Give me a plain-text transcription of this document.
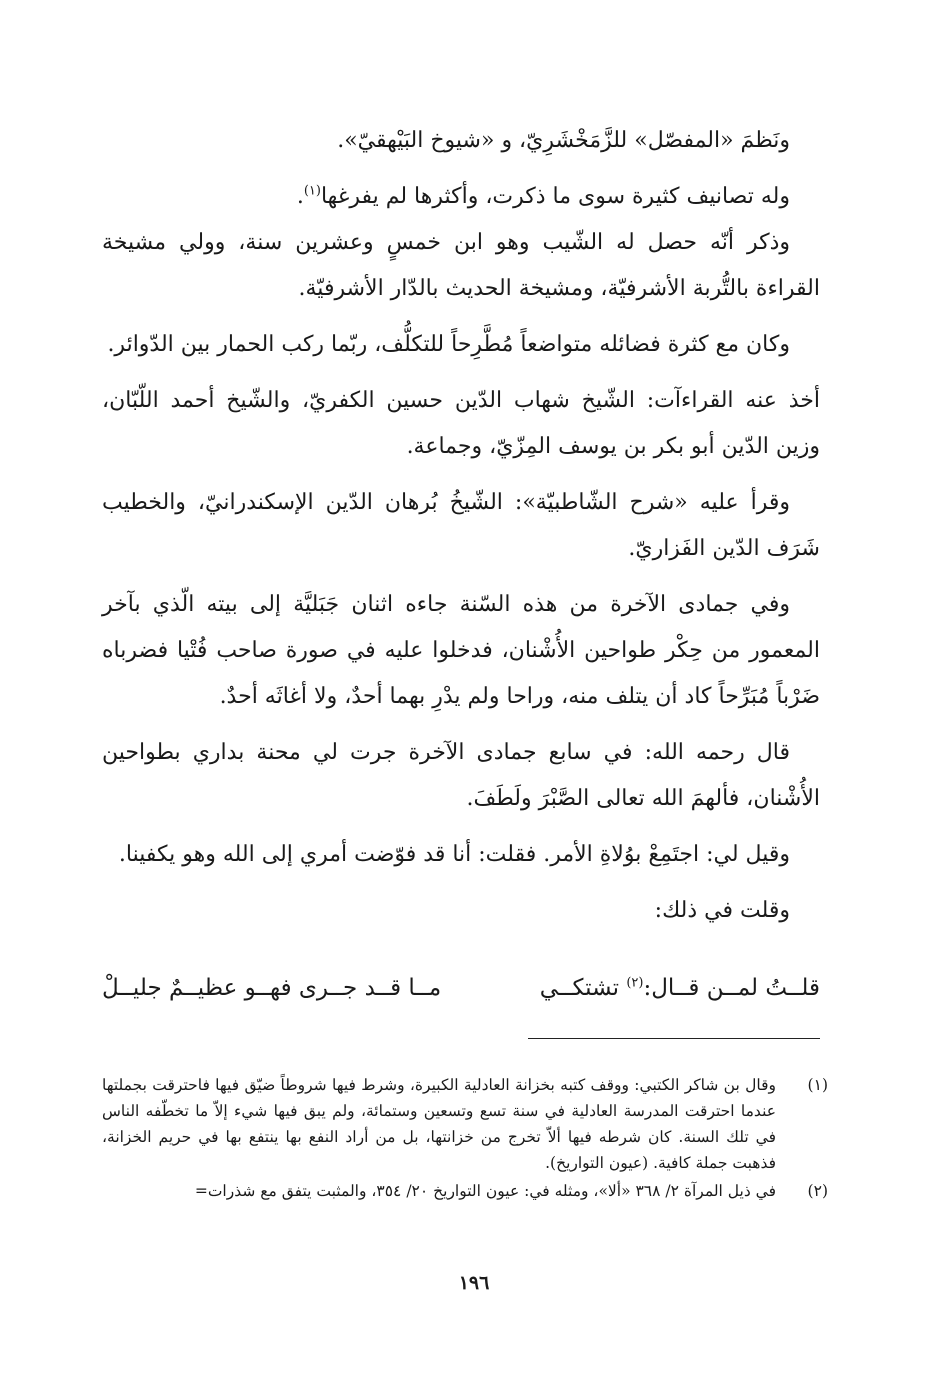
ونَظمَ «المفصّل» للزَّمَخْشَرِيّ، و «شيوخ البَيْهقيّ».

وله تصانيف كثيرة سوى ما ذكرت، وأكثرها لم يفرغها$^{(١)}$.

وذكر أنّه حصل له الشّيب وهو ابن خمسٍ وعشرين سنة، وولي مشيخة القراءة بالتُّربة الأشرفيّة، ومشيخة الحديث بالدّار الأشرفيّة.

وكان مع كثرة فضائله متواضعاً مُطَّرِحاً للتكلُّف، ربّما ركب الحمار بين الدّوائر.

أخذ عنه القراءآت: الشّيخ شهاب الدّين حسين الكفريّ، والشّيخ أحمد اللّبّان، وزين الدّين أبو بكر بن يوسف المِزّيّ، وجماعة.

وقرأ عليه «شرح الشّاطبيّة»: الشّيخُ بُرهان الدّين الإسكندرانيّ، والخطيب شَرَف الدّين الفَزاريّ.

وفي جمادى الآخرة من هذه السّنة جاءه اثنان جَبَليَّة إلى بيته الّذي بآخر المعمور من حِكْر طواحين الأُشْنان، فدخلوا عليه في صورة صاحب فُتْيا فضرباه ضَرْباً مُبَرِّحاً كاد أن يتلف منه، وراحا ولم يدْرِ بهما أحدٌ، ولا أغاثَه أحدٌ.

قال رحمه الله: في سابع جمادى الآخرة جرت لي محنة بداري بطواحين الأُشْنان، فألهمَ الله تعالى الصَّبْرَ ولَطَفَ.

وقيل لي: اجتَمِعْ بوُلاةِ الأمر. فقلت: أنا قد فوّضت أمري إلى الله وهو يكفينا.

وقلت في ذلك:

قلــتُ لمــن قــال:$^{(٢)}$ تشتكــي
مــا قــد جــرى فهــو عظيــمٌ جليــلْ
(١)
وقال بن شاكر الكتبي: ووقف كتبه بخزانة العادلية الكبيرة، وشرط فيها شروطاً ضيّق فيها فاحترقت بجملتها عندما احترقت المدرسة العادلية في سنة تسع وتسعين وستمائة، ولم يبق فيها شيء إلاّ ما تخطّفه الناس في تلك السنة. كان شرطه فيها ألاّ تخرج من خزانتها، بل من أراد النفع بها ينتفع بها في حريم الخزانة، فذهبت جملة كافية. (عيون التواريخ).
(٢)
في ذيل المرآة ٢/ ٣٦٨ «ألا»، ومثله في: عيون التواريخ ٢٠/ ٣٥٤، والمثبت يتفق مع شذرات=
١٩٦
